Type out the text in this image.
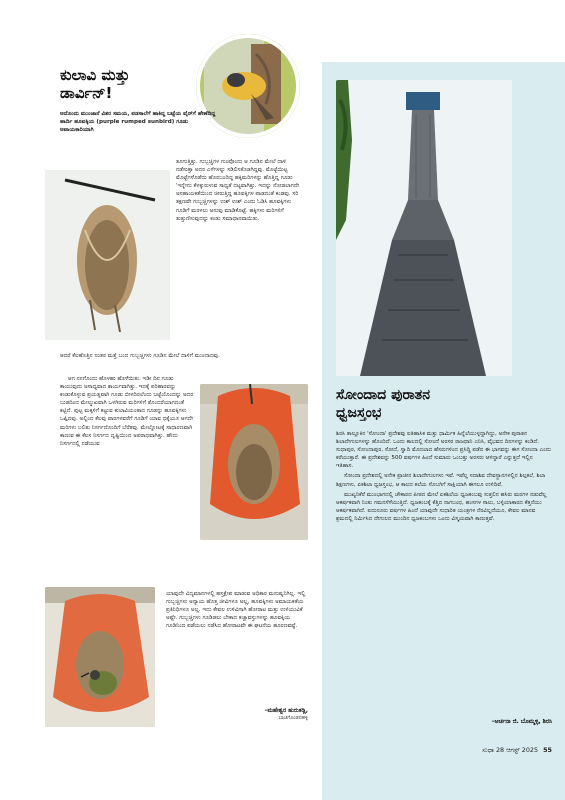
ಕುಲಾವಿ ಮತ್ತು
ಡಾರ್ವಿನ್!

ಅದೊಂದು ಮುಂಜಾನೆ ವಿಶರ ಸಮಯ, ಪಡಸಾಲೆಗೆ ಹಾಕಿದ್ದ ಬಟ್ಟೆಯ ವೈರ್‌ಗೆ ಹೇಣೆದಿದ್ದ ಹಾರ್ದಿ ಹೂವಕ್ಕಿಯ (purple rumped sunbird) ಗೂಡು ಅಪಾಯಕಾರಿಯಾಗಿ

ತೂಗುತ್ತಿತ್ತು. ಗುಬ್ಬಚ್ಚಿಗಳ ಗುಂಪೊಂದು ಆ ಗೂಡಿನ ಮೇಲೆ ದಾಳಿ ನಡೆಸುತ್ತಾ ಅದರ ಎಳೆಗಳನ್ನು ಸಡಿಲಿಸತೊಡಗಿದ್ದವು. ಮೊಟ್ಟೆಯಿಟ್ಟ ಮೊಟ್ಟೆಗಳೊಡೆದು ಹೊರಬಂದಿದ್ದ ಹಕ್ಕಿಮರಿಗಳನ್ನು ಹೊತ್ತಿದ್ದ ಗೂಡು 'ಇನ್ನೇನು ಕೆಳಕ್ಕುರುಳುವ ಸಾಧ್ಯತೆ ದಟ್ಟವಾಗಿತ್ತು. ಇದನ್ನು ನೋಡಲಾಗದೇ ಅಸಹಾಯಕತೆಯಿಂದ ಚೀರುತ್ತಿದ್ದ ಹೂವಕ್ಕಿಗಳ ಪಾಡದಂತೆ ಕಂಡವು. ಸರಿ ತಕ್ಷಣವೇ ಗುಬ್ಬಚ್ಚಿಗಳನ್ನು ಉಶ್ ಉಶ್ ಎಂದು ಓಡಿಸಿ ಹೂವಕ್ಕಿಗಳು ಗೂಡಿಗೆ ಮರಳಲು ಅನುವು ಮಾಡಿಕೊಟ್ಟೆ. ಹಕ್ಕಿಗಳು ಮರಿಗಳಿಗೆ ತುತ್ತುಣಿಸುವುದನ್ನು ಕಂಡು ಸಮಾಧಾನವಾಯಿತು.

ಆದರೆ ಕೆಲಹೊತ್ತಿನ ನಂತರ ಮತ್ತೆ ಬಂದ ಗುಬ್ಬಚ್ಚಿಗಳು ಗೂಡಿನ ಮೇಲೆ ದಾಳಿಗೆ ಮುಂದಾದವು.

ಆಗ ನನಗೊಂದು ಹೊಳಹು ಹೊಳೆಯಿತು. ಇಡೀ ದಿನ ಗೂಡು ಕಾಯುವುದು ಅಸಾಧ್ಯವಾದ ಕಾರ್ಯವಾಗಿತ್ತು. ಇದಕ್ಕೆ ಪರಿಹಾರವನ್ನು ಕಂಡುಕೊಳ್ಳುವ ಪ್ರಯತ್ನವಾಗಿ ಗೂಡು ಬೀಳದಿರಲೆಂದು ಬಟ್ಟೆಯೊಂದನ್ನು ಅದರ ಬುಡದಿಂದ ಮೇಲ್ಮುಖವಾಗಿ ಒಳಗಿರುವ ಮರಿಗಳಿಗೆ ತೊಂದರೆಯಾಗದಂತೆ ಕಟ್ಟಿದೆ. ಪುಟ್ಟ ಮಕ್ಕಳಿಗೆ ಕಟ್ಟುವ ಕುಲಾವಿಯಂತಾದ ಗೂಡನ್ನು ಹೂವಕ್ಕಿಗಳು ಒಪ್ಪಿದವು. ಅಲ್ಲಿಂದ ಕೆಲವು ವಾರಗಳವರೆಗೆ ಗೂಡಿಗೆ ಯಾವ ಧಕ್ಕೆಯೂ ಆಗದೇ ಮರಿಗಳು ಬಲಿತು ನಿಸರ್ಗದೊಂದಿಗೆ ಬೆರೆತವು. ಮೇಲ್ನೋಟಕ್ಕೆ ಸಾಧಾರಣವಾಗಿ ಕಾಣುವ ಈ ಕೆಲಸ ನಿಸರ್ಗದ ದೃಷ್ಟಿಯಿಂದ ಅಪರಾಧವಾಗಿತ್ತು. ಹೌದು ನಿಸರ್ಗದಲ್ಲಿ ನಡೆಯುವ

ಯಾವುದೇ ವಿದ್ಯಮಾನಗಳಲ್ಲಿ ಹಸ್ತಕ್ಷೇಪ ಮಾಡುವ ಅಧಿಕಾರ ಮನುಷ್ಯನಿಗಿಲ್ಲ. ಇಲ್ಲಿ ಗುಬ್ಬಚ್ಚಿಗಳು ಅನ್ಯಾಯ ಹೊತ್ತ ಜೀವಿಗಳೂ ಅಲ್ಲ, ಹೂವಕ್ಕಿಗಳು ಅಮಾಯಕತೆಯ ಪ್ರತಿನಿಧಿಗಳೂ ಅಲ್ಲ. ಇದು ಕೇವಲ ಉಳಿವಿಗಾಗಿ ಹೋರಾಟ ಮತ್ತು ಉಳಿಯುವಿಕೆ ಅಷ್ಟೇ. ಗುಬ್ಬಚ್ಚಿಗಳು ಗೂಡಿಡಲು ಬೇಕಾದ ಕಚ್ಚಾವಸ್ತುಗಳನ್ನು ಹೂವಕ್ಕಿಯ ಗೂಡಿನಿಂದ ಪಡೆಯಲು ನಡೆಸಿದ ಹೋರಾಟವೇ ಈ ಘಟನೆಯ ಹೂರಣವಷ್ಟೆ.

–ಮಹೇಶ್ವರ ಹುರುಕಡ್ಲಿ,
ಬಾಚಿಗೊಂಡನಹಳ್ಳಿ
ಸೋಂದಾದ ಪುರಾತನ
ಧ್ವಜಸ್ತಂಭ

ಶಿರಸಿ ತಾಲ್ಲೂಕಿನ 'ಸೋಂದಾ' ಪ್ರದೇಶವು ಐತಿಹಾಸಿಕ ಮತ್ತು ಧಾರ್ಮಿಕ ಹಿನ್ನೆಲೆಯುಳ್ಳದ್ದಾಗಿದ್ದು, ಅನೇಕ ಪುರಾತನ ಶಿಲಾದೇಗುಲಗಳನ್ನು ಹೊಂದಿದೆ. ಒಂದು ಕಾಲದಲ್ಲಿ ಸೋಂದೆ ಅರಸರ ರಾಜಧಾನಿ ಎನಿಸಿ, ವೈಭವದ ದಿನಗಳನ್ನು ಕಂಡಿದೆ. ಸುಧಾಪುರ, ಸೋಂದಾಪುರ, ಸೋದೆ, ಸ್ವಾದಿ ಮೊದಲಾದ ಹೆಸರುಗಳಿಂದ ಪ್ರಸಿದ್ಧಿ ಪಡೆದ ಈ ಭಾಗವನ್ನು ಈಗ ಸೋಂದಾ ಎಂದು ಕರೆಯುತ್ತಾರೆ. ಈ ಪ್ರದೇಶವನ್ನು 500 ವರ್ಷಗಳ ಹಿಂದೆ ಸುಮಾರು ಒಂಬತ್ತು ಅರಸರು ಆಳಿದ್ದಾರೆ ಎನ್ನುತ್ತದೆ ಇಲ್ಲಿನ ಇತಿಹಾಸ.

ಸೋಂದಾ ಪ್ರದೇಶದಲ್ಲಿ ಅನೇಕ ಪ್ರಾಚೀನ ಶಿಲಾದೇಗುಲಗಳು ಇವೆ. ಇವೆಲ್ಲ ಸದಾಶಿವ ದೇವಸ್ಥಾನಗಳಲ್ಲಿನ ಶಿಲ್ಪಕಲೆ, ಶಿಲಾ ಶಿಕ್ಷಣಗಳು, ಏಕಶಿಲಾ ಧ್ವಜಸ್ತಂಭ, ಆ ಕಾಲದ ಕಲೆಯ ಸೊಬಗಿಗೆ ಸಾಕ್ಷಿಯಾಗಿ ಈಗಲೂ ಉಳಿದಿವೆ.

ಮುಖ್ಯನಿಕೆರೆ ಮುಂಭಾಗದಲ್ಲಿ ಚೌಕಾರದ ಪೀಠದ ಮೇಲೆ ಏಕಶಿಲೆಯ ಧ್ವಜಕಂಬವು ಸುತ್ತಲಿನ ಹಸಿರು ಮರಗಳ ನಡುವೆಲ್ಲ ಆಕರ್ಷಕವಾಗಿ ನಿಂತು ಗಮನಸೆಳೆಯುತ್ತಿದೆ. ಧ್ವಜಕಂಬಕ್ಕೆ ಕೆತ್ತಿದ ನಾಗಬಂಧ, ಹಂಸಗಳ ಸಾಲು, ಬಳ್ಳಿಯಾಕಾರದ ಕೆತ್ತನೆಯು ಆಕರ್ಷಕವಾಗಿದೆ. ಐದುನೂರು ವರ್ಷಗಳ ಹಿಂದೆ ಯಾವುದೇ ಸುಧಾರಿತ ಯಂತ್ರಗಳ ನೆರವಿಲ್ಲದೆಯೂ, ಕೇವಲ ಮಾನವ ಶ್ರಮದಲ್ಲಿ ನಿರ್ಮಿಸಿದ ದೇಗುಲದ ಮುಂದಿನ ಧ್ವಜಕಂಬಗಳು ಒಂದು ವಿಸ್ಮಯವಾಗಿ ಕಾಣುತ್ತವೆ.

–ಅರ್ಚನಾ ಜಿ. ಬೊಮ್ಮಳ್ಳಿ, ಶಿರಸಿ
ಸುಧಾ 28 ಆಗಸ್ಟ್ 2025 55
